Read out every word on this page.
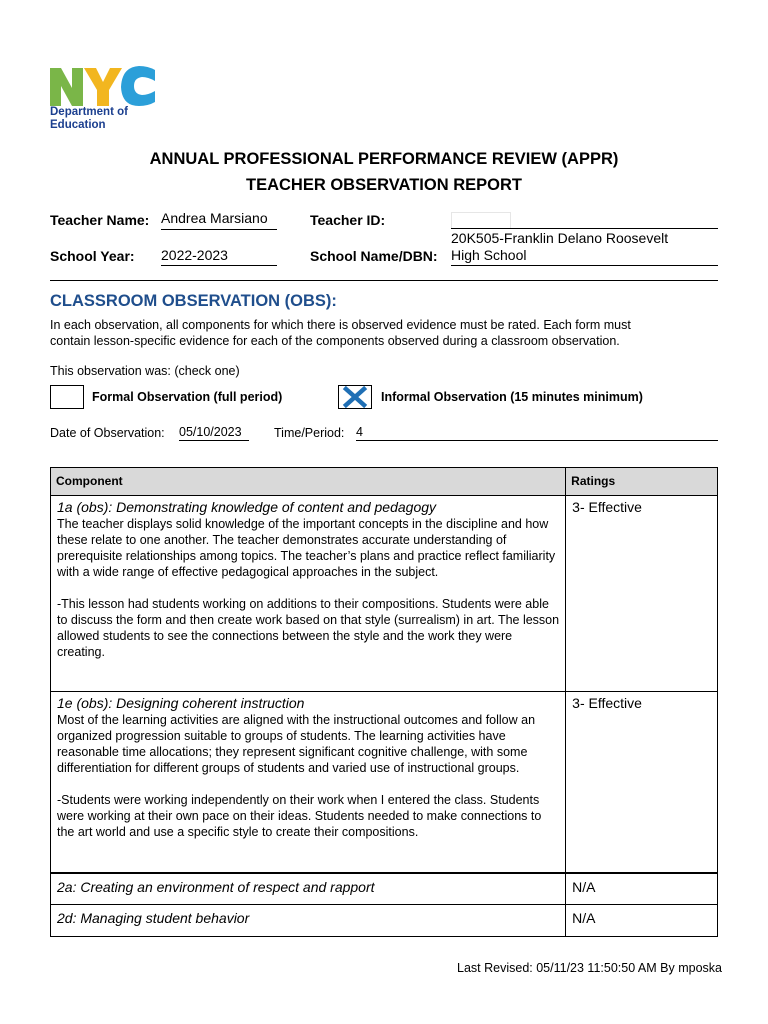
Department of
Education
ANNUAL PROFESSIONAL PERFORMANCE REVIEW (APPR)
TEACHER OBSERVATION REPORT
Teacher Name: Andrea Marsiano	Teacher ID:
School Year: 2022-2023	School Name/DBN:
20K505-Franklin Delano Roosevelt
High School
CLASSROOM OBSERVATION (OBS):
In each observation, all components for which there is observed evidence must be rated. Each form must
contain lesson-specific evidence for each of the components observed during a classroom observation.
This observation was: (check one)
Formal Observation (full period)	Informal Observation (15 minutes minimum)
Date of Observation: 05/10/2023	Time/Period: 4
Component	Ratings

1a (obs): Demonstrating knowledge of content and pedagogy
The teacher displays solid knowledge of the important concepts in the discipline and how these relate to one another. The teacher demonstrates accurate understanding of prerequisite relationships among topics. The teacher’s plans and practice reflect familiarity with a wide range of effective pedagogical approaches in the subject.
-This lesson had students working on additions to their compositions. Students were able to discuss the form and then create work based on that style (surrealism) in art. The lesson allowed students to see the connections between the style and the work they were creating.	3- Effective

1e (obs): Designing coherent instruction
Most of the learning activities are aligned with the instructional outcomes and follow an organized progression suitable to groups of students. The learning activities have reasonable time allocations; they represent significant cognitive challenge, with some differentiation for different groups of students and varied use of instructional groups.
-Students were working independently on their work when I entered the class. Students were working at their own pace on their ideas. Students needed to make connections to the art world and use a specific style to create their compositions.	3- Effective

2a: Creating an environment of respect and rapport	N/A

2d: Managing student behavior	N/A
Last Revised: 05/11/23 11:50:50 AM By mposka
